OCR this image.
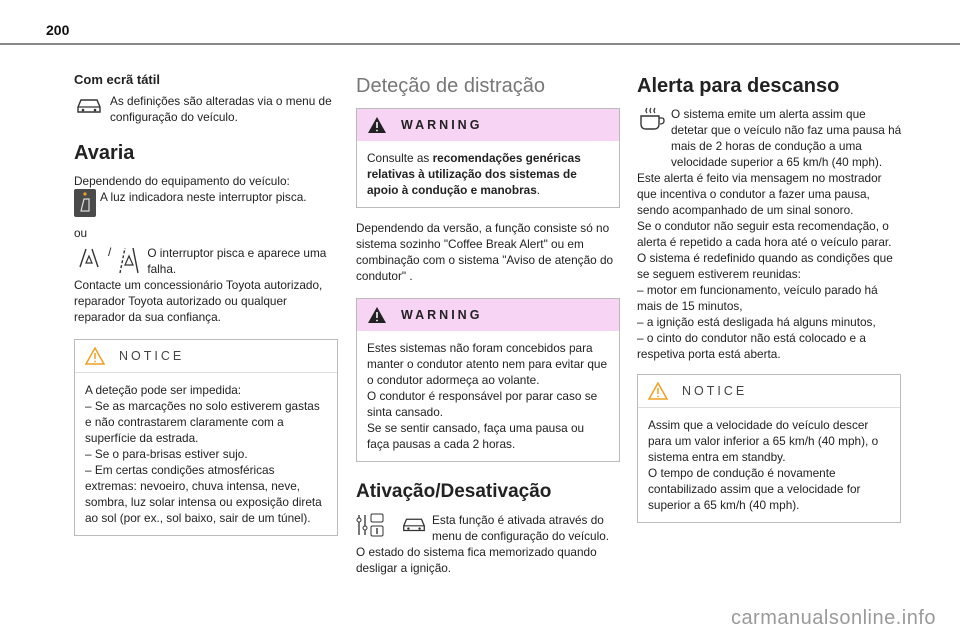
200
Com ecrã tátil

As definições são alteradas via o menu de configuração do veículo.

Avaria

Dependendo do equipamento do veículo:

A luz indicadora neste interruptor pisca.

ou

/	O interruptor pisca e aparece uma falha.

Contacte um concessionário Toyota autorizado, reparador Toyota autorizado ou qualquer reparador da sua confiança.

NOTICE

A deteção pode ser impedida:

– Se as marcações no solo estiverem gastas e não contrastarem claramente com a superfície da estrada.

– Se o para-brisas estiver sujo.

– Em certas condições atmosféricas extremas: nevoeiro, chuva intensa, neve, sombra, luz solar intensa ou exposição direta ao sol (por ex., sol baixo, sair de um túnel).

Deteção de distração
WARNING

Consulte as recomendações genéricas relativas à utilização dos sistemas de apoio à condução e manobras.

Dependendo da versão, a função consiste só no sistema sozinho "Coffee Break Alert" ou em combinação com o sistema "Aviso de atenção do condutor" .

WARNING

Estes sistemas não foram concebidos para manter o condutor atento nem para evitar que o condutor adormeça ao volante.

O condutor é responsável por parar caso se sinta cansado.

Se se sentir cansado, faça uma pausa ou faça pausas a cada 2 horas.

Ativação/Desativação

Esta função é ativada através do menu de configuração do veículo.

O estado do sistema fica memorizado quando desligar a ignição.

Alerta para descanso

O sistema emite um alerta assim que detetar que o veículo não faz uma pausa há mais de 2 horas de condução a uma velocidade superior a 65 km/h (40 mph).

Este alerta é feito via mensagem no mostrador que incentiva o condutor a fazer uma pausa, sendo acompanhado de um sinal sonoro.

Se o condutor não seguir esta recomendação, o alerta é repetido a cada hora até o veículo parar.

O sistema é redefinido quando as condições que se seguem estiverem reunidas:

– motor em funcionamento, veículo parado há mais de 15 minutos,

– a ignição está desligada há alguns minutos,

– o cinto do condutor não está colocado e a respetiva porta está aberta.

NOTICE

Assim que a velocidade do veículo descer para um valor inferior a 65 km/h (40 mph), o sistema entra em standby.

O tempo de condução é novamente contabilizado assim que a velocidade for superior a 65 km/h (40 mph).

carmanualsonline.info
